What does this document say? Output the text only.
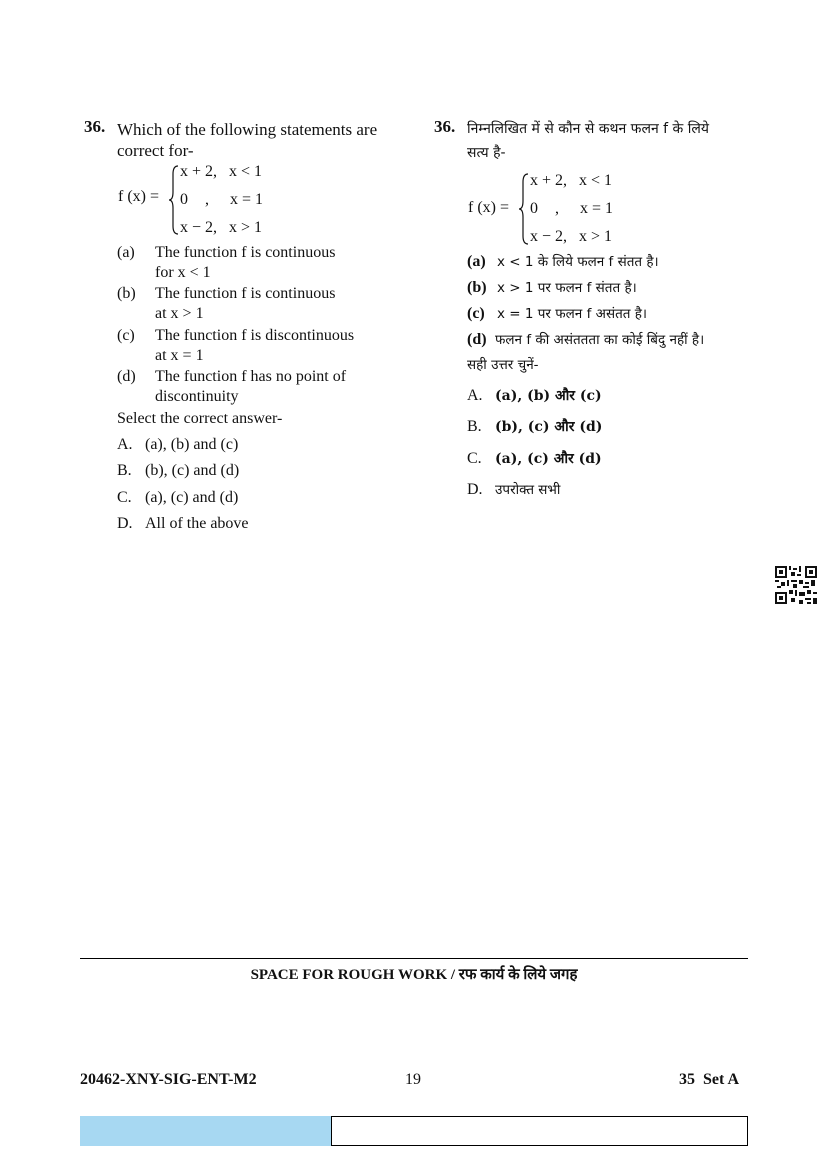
36. Which of the following statements are
correct for-
f (x) =
x + 2, x < 1
0 , x = 1
x − 2, x > 1
(a) The function f is continuous
for x < 1
(b) The function f is continuous
at x > 1
(c) The function f is discontinuous
at x = 1
(d) The function f has no point of
discontinuity
Select the correct answer-
A. (a), (b) and (c)
B. (b), (c) and (d)
C. (a), (c) and (d)
D. All of the above
36. निम्नलिखित में से कौन से कथन फलन f के लिये
सत्य है-
f (x) =
x + 2, x < 1
0 , x = 1
x − 2, x > 1
(a) x < 1 के लिये फलन f संतत है।
(b) x > 1 पर फलन f संतत है।
(c) x = 1 पर फलन f असंतत है।
(d) फलन f की असंततता का कोई बिंदु नहीं है।
सही उत्तर चुनें-
A. (a), (b) और (c)
B. (b), (c) और (d)
C. (a), (c) और (d)
D. उपरोक्त सभी
SPACE FOR ROUGH WORK / रफ कार्य के लिये जगह
20462-XNY-SIG-ENT-M2	19	35 Set A
